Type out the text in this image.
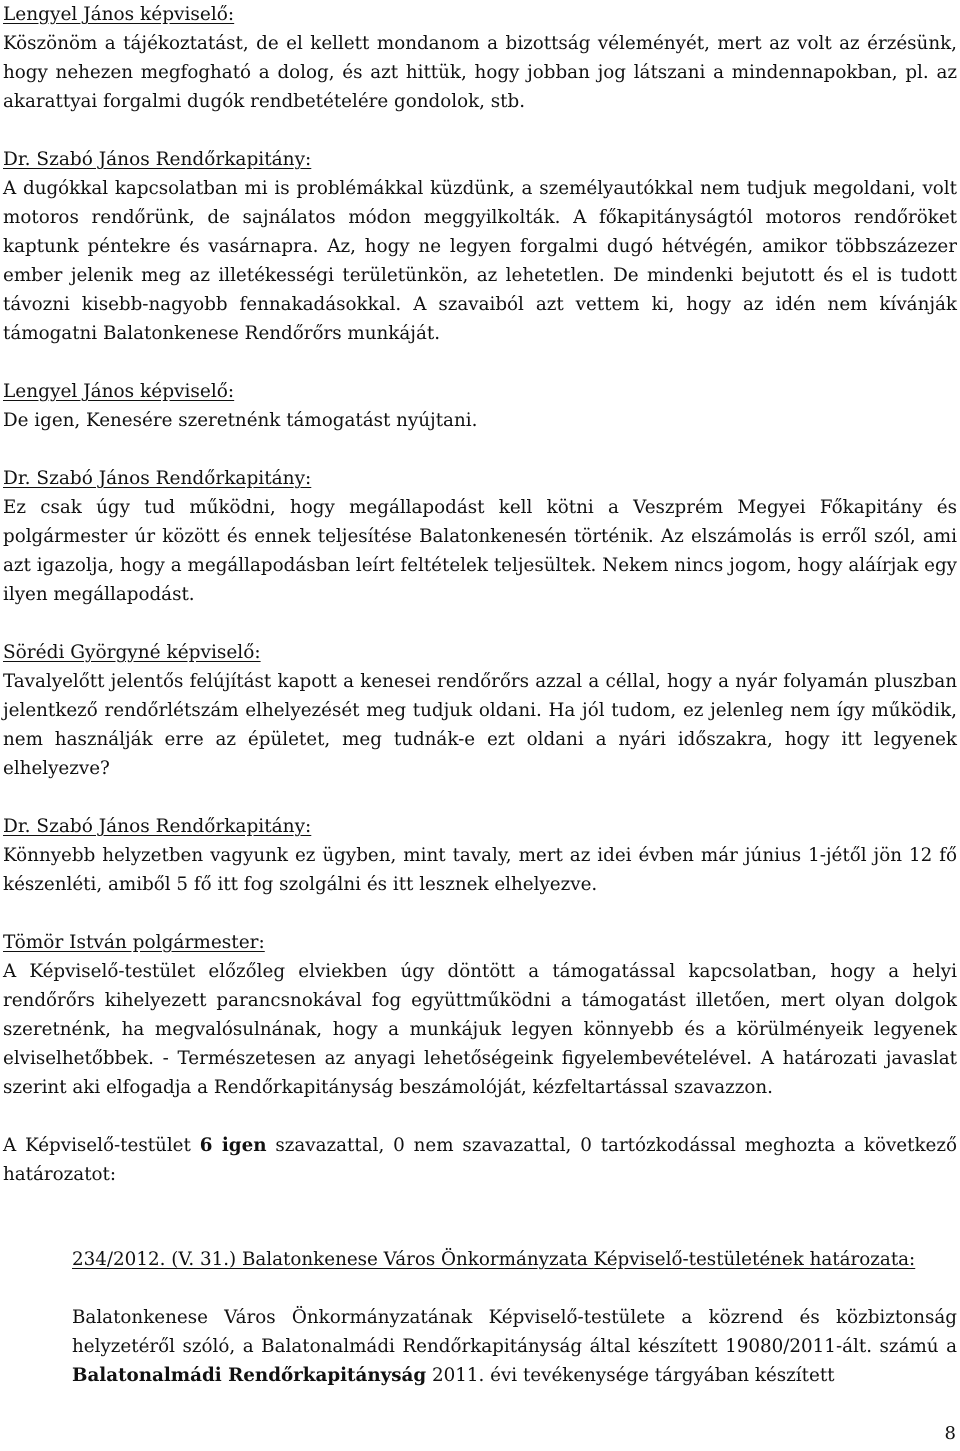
Lengyel János képviselő:

Köszönöm a tájékoztatást, de el kellett mondanom a bizottság véleményét, mert az volt az érzésünk, hogy nehezen megfogható a dolog, és azt hittük, hogy jobban jog látszani a mindennapokban, pl. az akarattyai forgalmi dugók rendbetételére gondolok, stb.

Dr. Szabó János Rendőrkapitány:

A dugókkal kapcsolatban mi is problémákkal küzdünk, a személyautókkal nem tudjuk megoldani, volt motoros rendőrünk, de sajnálatos módon meggyilkolták. A főkapitányságtól motoros rendőröket kaptunk péntekre és vasárnapra. Az, hogy ne legyen forgalmi dugó hétvégén, amikor többszázezer ember jelenik meg az illetékességi területünkön, az lehetetlen. De mindenki bejutott és el is tudott távozni kisebb-nagyobb fennakadásokkal. A szavaiból azt vettem ki, hogy az idén nem kívánják támogatni Balatonkenese Rendőrőrs munkáját.

Lengyel János képviselő:

De igen, Kenesére szeretnénk támogatást nyújtani.

Dr. Szabó János Rendőrkapitány:

Ez csak úgy tud működni, hogy megállapodást kell kötni a Veszprém Megyei Főkapitány és polgármester úr között és ennek teljesítése Balatonkenesén történik. Az elszámolás is erről szól, ami azt igazolja, hogy a megállapodásban leírt feltételek teljesültek. Nekem nincs jogom, hogy aláírjak egy ilyen megállapodást.

Sörédi Györgyné képviselő:

Tavalyelőtt jelentős felújítást kapott a kenesei rendőrőrs azzal a céllal, hogy a nyár folyamán pluszban jelentkező rendőrlétszám elhelyezését meg tudjuk oldani. Ha jól tudom, ez jelenleg nem így működik, nem használják erre az épületet, meg tudnák-e ezt oldani a nyári időszakra, hogy itt legyenek elhelyezve?

Dr. Szabó János Rendőrkapitány:

Könnyebb helyzetben vagyunk ez ügyben, mint tavaly, mert az idei évben már június 1-jétől jön 12 fő készenléti, amiből 5 fő itt fog szolgálni és itt lesznek elhelyezve.

Tömör István polgármester:

A Képviselő-testület előzőleg elviekben úgy döntött a támogatással kapcsolatban, hogy a helyi rendőrőrs kihelyezett parancsnokával fog együttműködni a támogatást illetően, mert olyan dolgok szeretnénk, ha megvalósulnának, hogy a munkájuk legyen könnyebb és a körülményeik legyenek elviselhetőbbek. - Természetesen az anyagi lehetőségeink figyelembevételével. A határozati javaslat szerint aki elfogadja a Rendőrkapitányság beszámolóját, kézfeltartással szavazzon.

A Képviselő-testület 6 igen szavazattal, 0 nem szavazattal, 0 tartózkodással meghozta a következő határozatot:

234/2012. (V. 31.) Balatonkenese Város Önkormányzata Képviselő-testületének határozata:

Balatonkenese Város Önkormányzatának Képviselő-testülete a közrend és közbiztonság helyzetéről szóló, a Balatonalmádi Rendőrkapitányság által készített 19080/2011-ált. számú a Balatonalmádi Rendőrkapitányság 2011. évi tevékenysége tárgyában készített

8
